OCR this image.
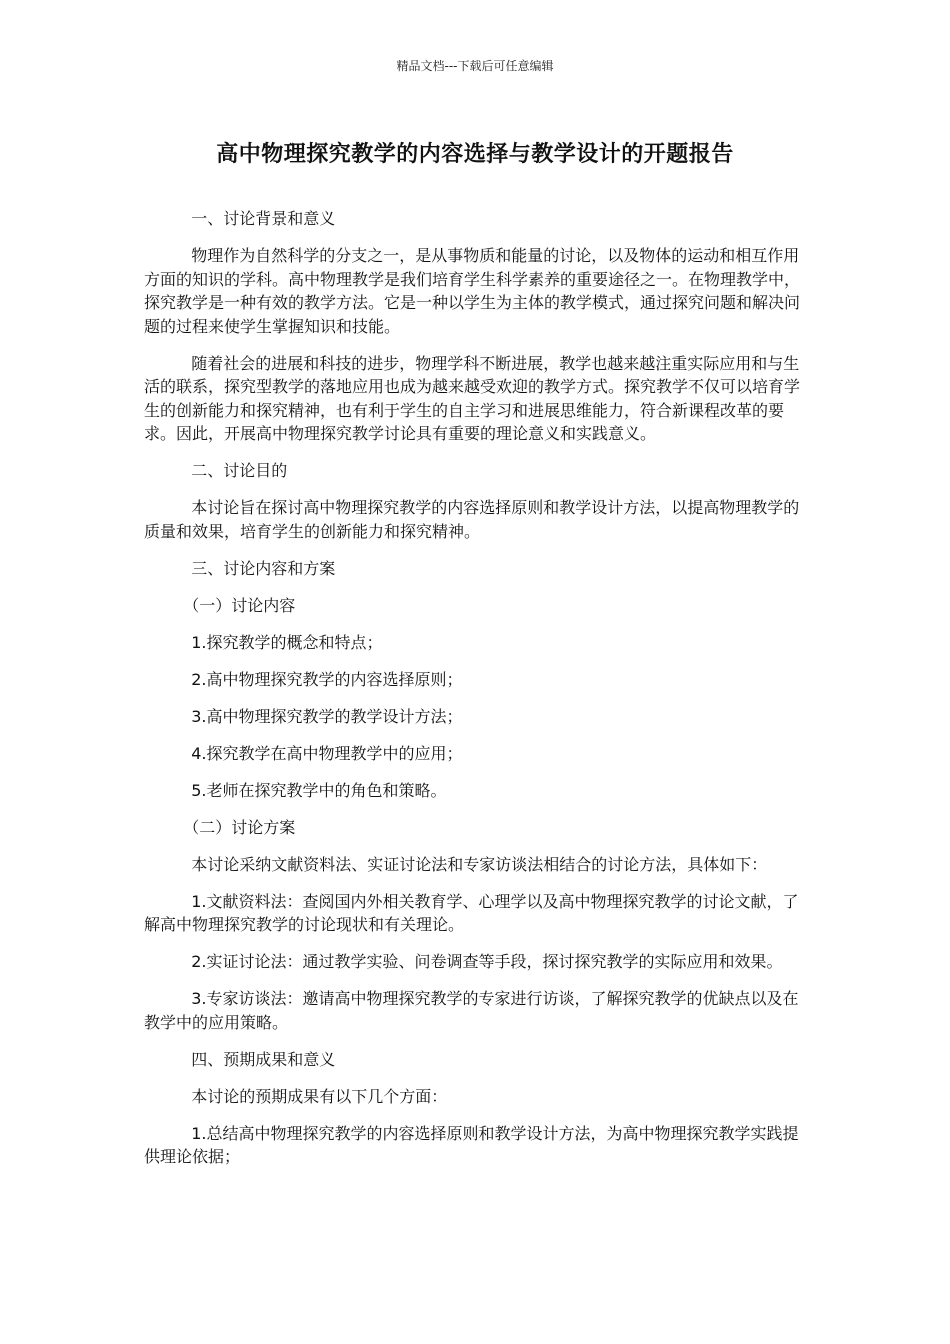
精品文档---下载后可任意编辑
高中物理探究教学的内容选择与教学设计的开题报告

一、讨论背景和意义

物理作为自然科学的分支之一，是从事物质和能量的讨论，以及物体的运动和相互作用方面的知识的学科。高中物理教学是我们培育学生科学素养的重要途径之一。在物理教学中，探究教学是一种有效的教学方法。它是一种以学生为主体的教学模式，通过探究问题和解决问题的过程来使学生掌握知识和技能。

随着社会的进展和科技的进步，物理学科不断进展，教学也越来越注重实际应用和与生活的联系，探究型教学的落地应用也成为越来越受欢迎的教学方式。探究教学不仅可以培育学生的创新能力和探究精神，也有利于学生的自主学习和进展思维能力，符合新课程改革的要求。因此，开展高中物理探究教学讨论具有重要的理论意义和实践意义。

二、讨论目的

本讨论旨在探讨高中物理探究教学的内容选择原则和教学设计方法，以提高物理教学的质量和效果，培育学生的创新能力和探究精神。

三、讨论内容和方案

（一）讨论内容

1.探究教学的概念和特点；

2.高中物理探究教学的内容选择原则；

3.高中物理探究教学的教学设计方法；

4.探究教学在高中物理教学中的应用；

5.老师在探究教学中的角色和策略。

（二）讨论方案

本讨论采纳文献资料法、实证讨论法和专家访谈法相结合的讨论方法，具体如下：

1.文献资料法：查阅国内外相关教育学、心理学以及高中物理探究教学的讨论文献，了解高中物理探究教学的讨论现状和有关理论。

2.实证讨论法：通过教学实验、问卷调查等手段，探讨探究教学的实际应用和效果。

3.专家访谈法：邀请高中物理探究教学的专家进行访谈，了解探究教学的优缺点以及在教学中的应用策略。

四、预期成果和意义

本讨论的预期成果有以下几个方面：

1.总结高中物理探究教学的内容选择原则和教学设计方法，为高中物理探究教学实践提供理论依据；
